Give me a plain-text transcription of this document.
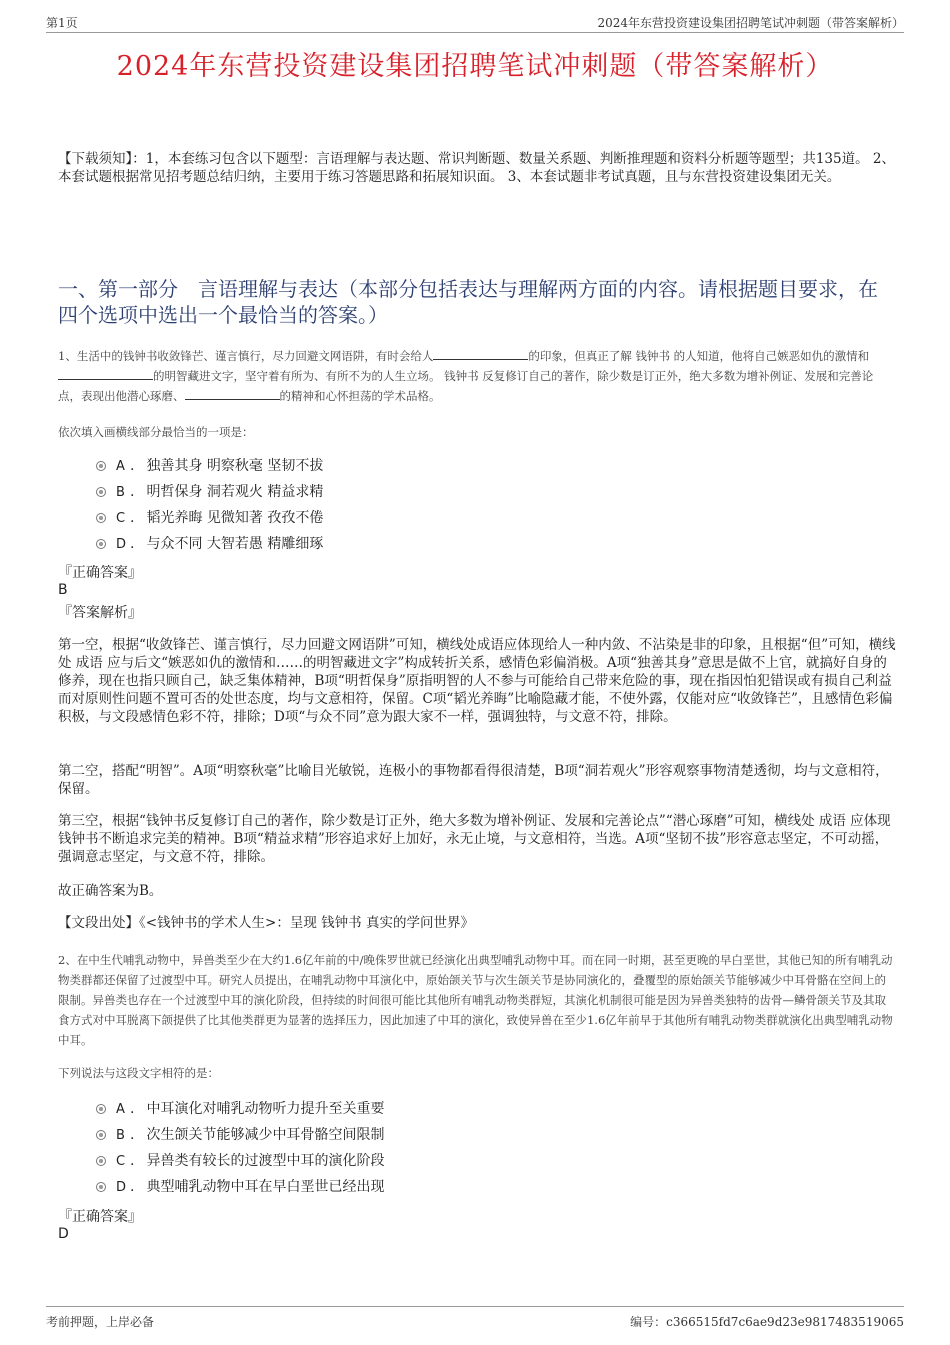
第1页	2024年东营投资建设集团招聘笔试冲刺题（带答案解析）
2024年东营投资建设集团招聘笔试冲刺题（带答案解析）
【下载须知】：1，本套练习包含以下题型：言语理解与表达题、常识判断题、数量关系题、判断推理题和资料分析题等题型；共135道。 2、本套试题根据常见招考题总结归纳，主要用于练习答题思路和拓展知识面。 3、本套试题非考试真题，且与东营投资建设集团无关。
一、第一部分　言语理解与表达（本部分包括表达与理解两方面的内容。请根据题目要求，在四个选项中选出一个最恰当的答案。）
1、生活中的钱钟书收敛锋芒、谨言慎行，尽力回避文网语阱，有时会给人	的印象，但真正了解 钱钟书 的人知道，他将自己嫉恶如仇的激情和的明智藏进文字，坚守着有所为、有所不为的人生立场。 钱钟书 反复修订自己的著作，除少数是订正外，绝大多数为增补例证、发展和完善论点，表现出他潜心琢磨、	的精神和心怀担荡的学术品格。
依次填入画横线部分最恰当的一项是：
A . 独善其身 明察秋毫 坚韧不拔
B . 明哲保身 洞若观火 精益求精
C . 韬光养晦 见微知著 孜孜不倦
D . 与众不同 大智若愚 精雕细琢
『正确答案』
B
『答案解析』
第一空，根据“收敛锋芒、谨言慎行，尽力回避文网语阱”可知，横线处成语应体现给人一种内敛、不沾染是非的印象，且根据“但”可知，横线处 成语 应与后文“嫉恶如仇的激情和……的明智藏进文字”构成转折关系，感情色彩偏消极。A项“独善其身”意思是做不上官，就搞好自身的修养，现在也指只顾自己，缺乏集体精神，B项“明哲保身”原指明智的人不参与可能给自己带来危险的事，现在指因怕犯错误或有损自己利益而对原则性问题不置可否的处世态度，均与文意相符，保留。C项“韬光养晦”比喻隐藏才能，不使外露，仅能对应“收敛锋芒”，且感情色彩偏积极，与文段感情色彩不符，排除；D项“与众不同”意为跟大家不一样，强调独特，与文意不符，排除。
第二空，搭配“明智”。A项“明察秋毫”比喻目光敏锐，连极小的事物都看得很清楚，B项“洞若观火”形容观察事物清楚透彻，均与文意相符，保留。
第三空，根据“钱钟书反复修订自己的著作，除少数是订正外，绝大多数为增补例证、发展和完善论点”“潜心琢磨”可知，横线处 成语 应体现钱钟书不断追求完美的精神。B项“精益求精”形容追求好上加好，永无止境，与文意相符，当选。A项“坚韧不拔”形容意志坚定，不可动摇，强调意志坚定，与文意不符，排除。
故正确答案为B。
【文段出处】《<钱钟书的学术人生>：呈现 钱钟书 真实的学问世界》
2、在中生代哺乳动物中，异兽类至少在大约1.6亿年前的中/晚侏罗世就已经演化出典型哺乳动物中耳。而在同一时期，甚至更晚的早白垩世，其他已知的所有哺乳动物类群都还保留了过渡型中耳。研究人员提出，在哺乳动物中耳演化中，原始颌关节与次生颌关节是协同演化的，叠覆型的原始颌关节能够减少中耳骨骼在空间上的限制。异兽类也存在一个过渡型中耳的演化阶段，但持续的时间很可能比其他所有哺乳动物类群短，其演化机制很可能是因为异兽类独特的齿骨—鳞骨颌关节及其取食方式对中耳脱离下颌提供了比其他类群更为显著的选择压力，因此加速了中耳的演化，致使异兽在至少1.6亿年前早于其他所有哺乳动物类群就演化出典型哺乳动物中耳。
下列说法与这段文字相符的是：
A . 中耳演化对哺乳动物听力提升至关重要
B . 次生颌关节能够减少中耳骨骼空间限制
C . 异兽类有较长的过渡型中耳的演化阶段
D . 典型哺乳动物中耳在早白垩世已经出现
『正确答案』
D
考前押题，上岸必备	编号：c366515fd7c6ae9d23e9817483519065
